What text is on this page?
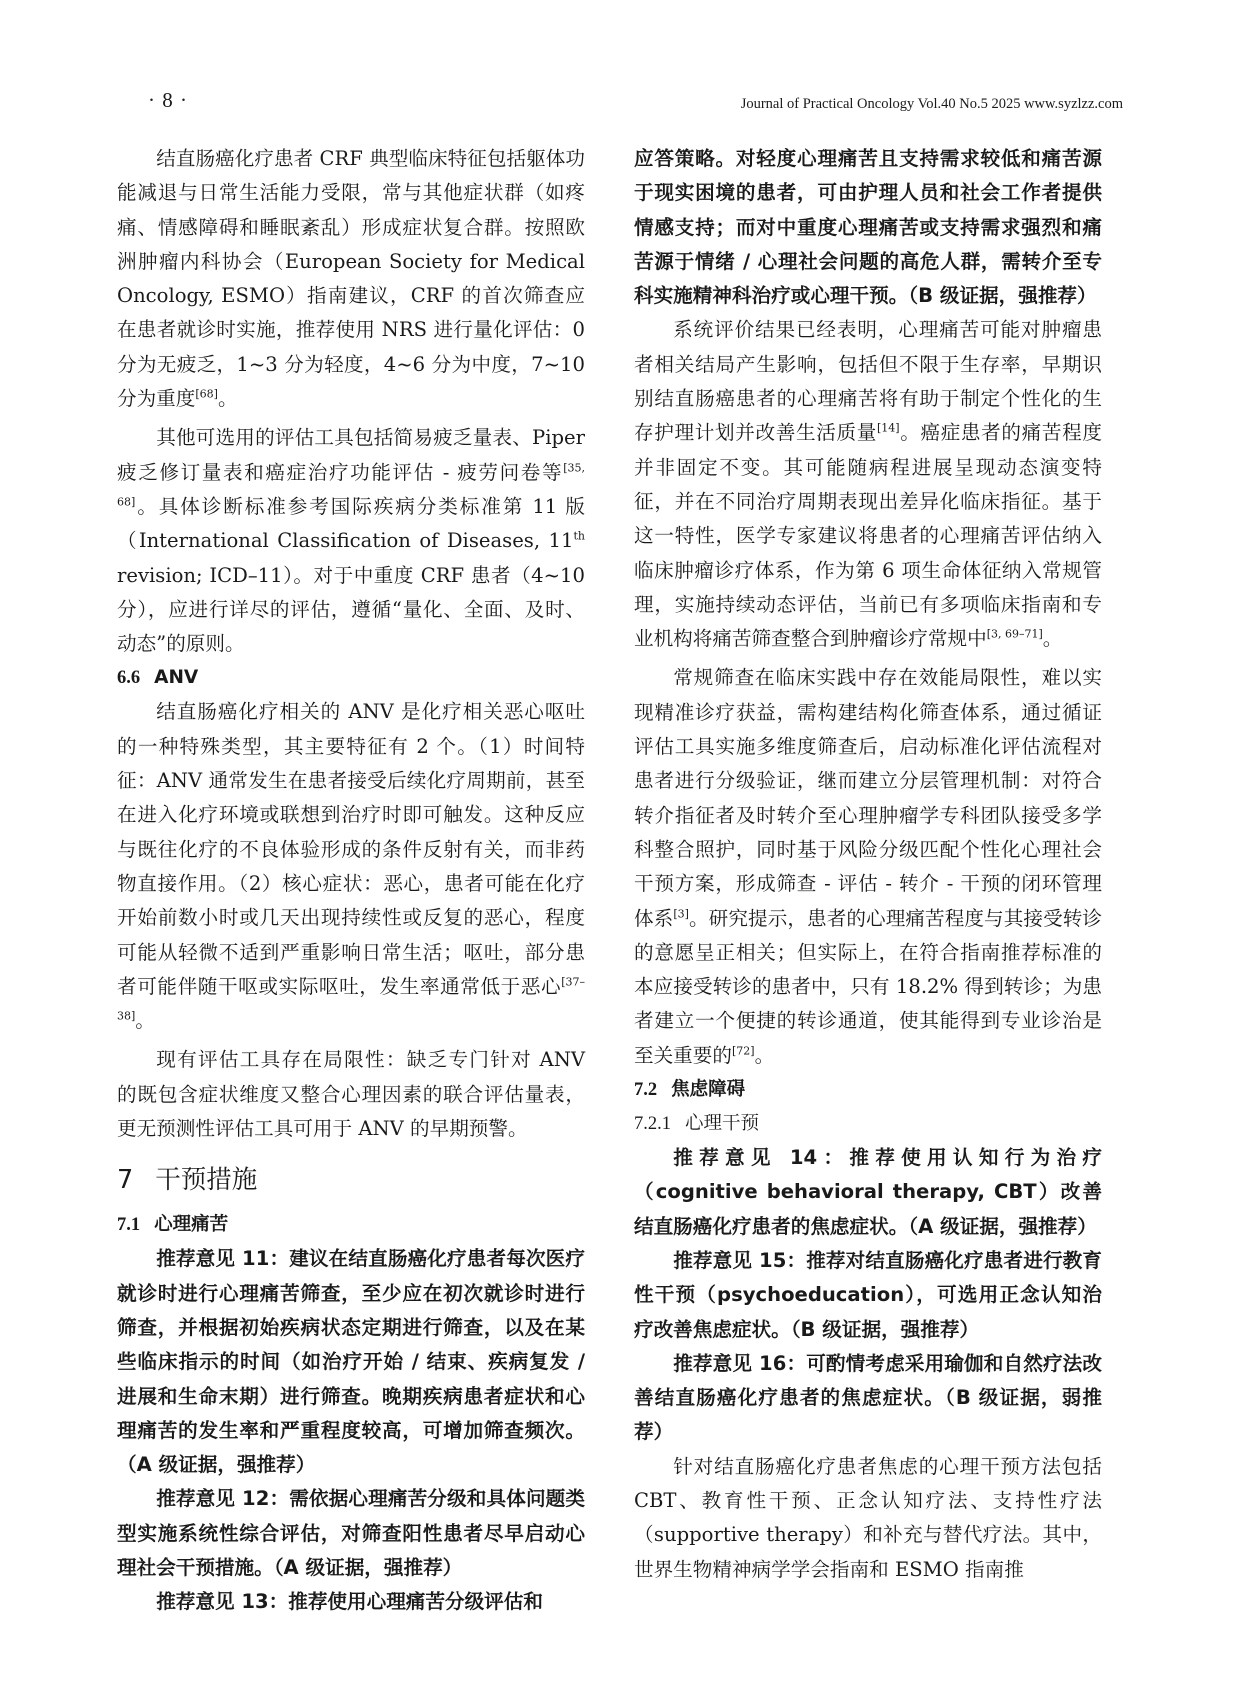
· 8 ·	Journal of Practical Oncology Vol.40 No.5 2025 www.syzlzz.com

结直肠癌化疗患者 CRF 典型临床特征包括躯体功能减退与日常生活能力受限，常与其他症状群（如疼痛、情感障碍和睡眠紊乱）形成症状复合群。按照欧洲肿瘤内科协会（European Society for Medical Oncology, ESMO）指南建议，CRF 的首次筛查应在患者就诊时实施，推荐使用 NRS 进行量化评估：0 分为无疲乏，1~3 分为轻度，4~6 分为中度，7~10 分为重度[68]。

其他可选用的评估工具包括简易疲乏量表、Piper 疲乏修订量表和癌症治疗功能评估 - 疲劳问卷等[35, 68]。具体诊断标准参考国际疾病分类标准第 11 版（International Classification of Diseases, 11th revision; ICD–11）。对于中重度 CRF 患者（4~10 分），应进行详尽的评估，遵循“量化、全面、及时、动态”的原则。

6.6 ANV

结直肠癌化疗相关的 ANV 是化疗相关恶心呕吐的一种特殊类型，其主要特征有 2 个。（1）时间特征：ANV 通常发生在患者接受后续化疗周期前，甚至在进入化疗环境或联想到治疗时即可触发。这种反应与既往化疗的不良体验形成的条件反射有关，而非药物直接作用。（2）核心症状：恶心，患者可能在化疗开始前数小时或几天出现持续性或反复的恶心，程度可能从轻微不适到严重影响日常生活；呕吐，部分患者可能伴随干呕或实际呕吐，发生率通常低于恶心[37–38]。

现有评估工具存在局限性：缺乏专门针对 ANV 的既包含症状维度又整合心理因素的联合评估量表，更无预测性评估工具可用于 ANV 的早期预警。

7 干预措施

7.1 心理痛苦

推荐意见 11：建议在结直肠癌化疗患者每次医疗就诊时进行心理痛苦筛查，至少应在初次就诊时进行筛查，并根据初始疾病状态定期进行筛查，以及在某些临床指示的时间（如治疗开始 / 结束、疾病复发 / 进展和生命末期）进行筛查。晚期疾病患者症状和心理痛苦的发生率和严重程度较高，可增加筛查频次。（A 级证据，强推荐）

推荐意见 12：需依据心理痛苦分级和具体问题类型实施系统性综合评估，对筛查阳性患者尽早启动心理社会干预措施。（A 级证据，强推荐）

推荐意见 13：推荐使用心理痛苦分级评估和

应答策略。对轻度心理痛苦且支持需求较低和痛苦源于现实困境的患者，可由护理人员和社会工作者提供情感支持；而对中重度心理痛苦或支持需求强烈和痛苦源于情绪 / 心理社会问题的高危人群，需转介至专科实施精神科治疗或心理干预。（B 级证据，强推荐）

系统评价结果已经表明，心理痛苦可能对肿瘤患者相关结局产生影响，包括但不限于生存率，早期识别结直肠癌患者的心理痛苦将有助于制定个性化的生存护理计划并改善生活质量[14]。癌症患者的痛苦程度并非固定不变。其可能随病程进展呈现动态演变特征，并在不同治疗周期表现出差异化临床指征。基于这一特性，医学专家建议将患者的心理痛苦评估纳入临床肿瘤诊疗体系，作为第 6 项生命体征纳入常规管理，实施持续动态评估，当前已有多项临床指南和专业机构将痛苦筛查整合到肿瘤诊疗常规中[3, 69–71]。

常规筛查在临床实践中存在效能局限性，难以实现精准诊疗获益，需构建结构化筛查体系，通过循证评估工具实施多维度筛查后，启动标准化评估流程对患者进行分级验证，继而建立分层管理机制：对符合转介指征者及时转介至心理肿瘤学专科团队接受多学科整合照护，同时基于风险分级匹配个性化心理社会干预方案，形成筛查 - 评估 - 转介 - 干预的闭环管理体系[3]。研究提示，患者的心理痛苦程度与其接受转诊的意愿呈正相关；但实际上，在符合指南推荐标准的本应接受转诊的患者中，只有 18.2% 得到转诊；为患者建立一个便捷的转诊通道，使其能得到专业诊治是至关重要的[72]。

7.2 焦虑障碍

7.2.1 心理干预

推荐意见 14：推荐使用认知行为治疗（cognitive behavioral therapy, CBT）改善结直肠癌化疗患者的焦虑症状。（A 级证据，强推荐）

推荐意见 15：推荐对结直肠癌化疗患者进行教育性干预（psychoeducation），可选用正念认知治疗改善焦虑症状。（B 级证据，强推荐）

推荐意见 16：可酌情考虑采用瑜伽和自然疗法改善结直肠癌化疗患者的焦虑症状。（B 级证据，弱推荐）

针对结直肠癌化疗患者焦虑的心理干预方法包括 CBT、教育性干预、正念认知疗法、支持性疗法（supportive therapy）和补充与替代疗法。其中，世界生物精神病学学会指南和 ESMO 指南推
